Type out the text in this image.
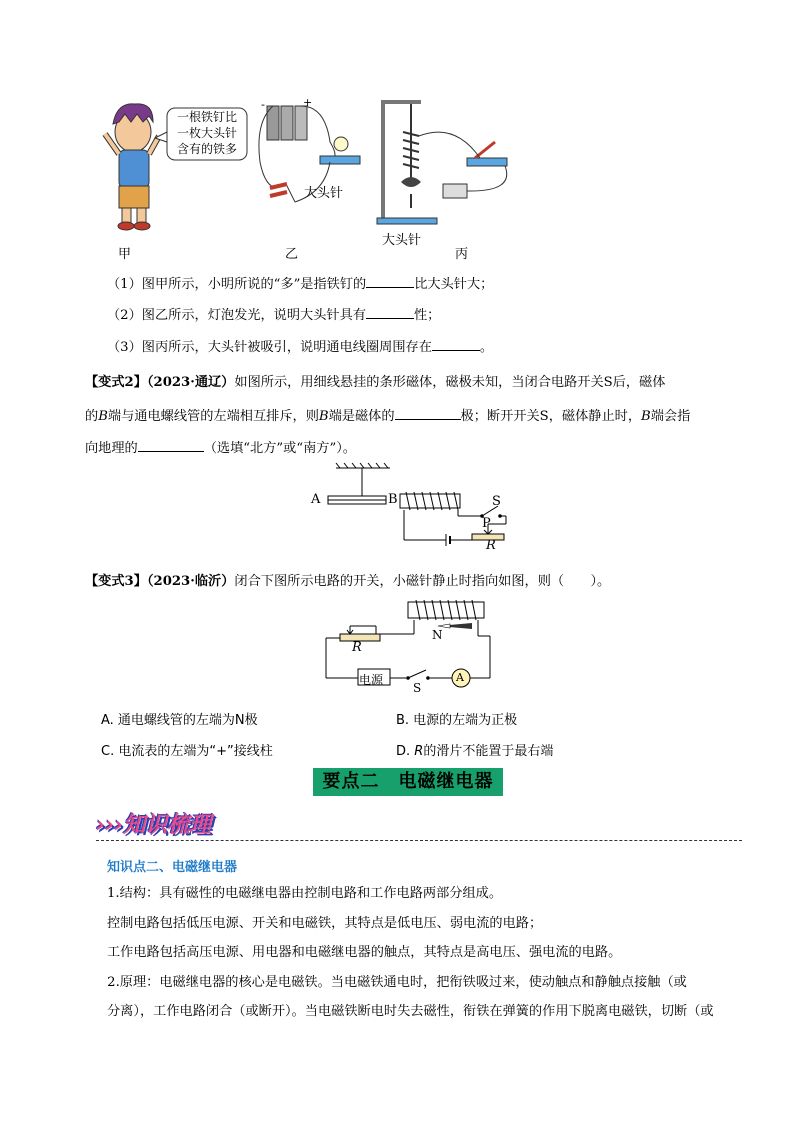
一根铁钉比
一枚大头针
含有的铁多
-	+
大头针
大头针
甲	乙	丙
（1）图甲所示，小明所说的“多”是指铁钉的	比大头针大；
（2）图乙所示，灯泡发光，说明大头针具有	性；
（3）图丙所示，大头针被吸引，说明通电线圈周围存在	。
【变式2】（2023·通辽）如图所示，用细线悬挂的条形磁体，磁极未知，当闭合电路开关S后，磁体
的B端与通电螺线管的左端相互排斥，则B端是磁体的	极；断开开关S，磁体静止时，B端会指
向地理的	（选填“北方”或“南方”）。
A	B	S
P
R
【变式3】（2023·临沂）闭合下图所示电路的开关，小磁针静止时指向如图，则（　　）。
R
N
电源
S
A
A. 通电螺线管的左端为N极	B. 电源的左端为正极
C. 电流表的左端为“+”接线柱	D. R的滑片不能置于最右端
要点二　电磁继电器
›››知识梳理
知识点二、电磁继电器
1.结构：具有磁性的电磁继电器由控制电路和工作电路两部分组成。
控制电路包括低压电源、开关和电磁铁，其特点是低电压、弱电流的电路；
工作电路包括高压电源、用电器和电磁继电器的触点，其特点是高电压、强电流的电路。
　2.原理：电磁继电器的核心是电磁铁。当电磁铁通电时，把衔铁吸过来，使动触点和静触点接触（或
分离），工作电路闭合（或断开）。当电磁铁断电时失去磁性，衔铁在弹簧的作用下脱离电磁铁，切断（或
